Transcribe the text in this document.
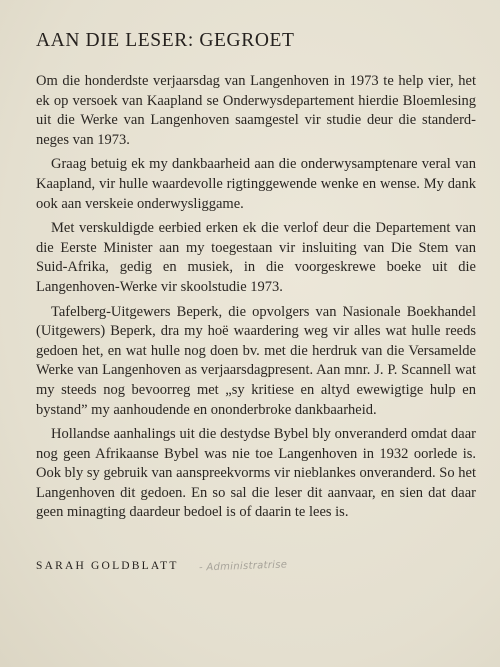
AAN DIE LESER: GEGROET

Om die honderdste verjaarsdag van Langenhoven in 1973 te help vier, het ek op versoek van Kaapland se Onderwysdepartement hierdie Bloemlesing uit die Werke van Langenhoven saamgestel vir studie deur die standerd-neges van 1973.

Graag betuig ek my dankbaarheid aan die onderwysamptenare veral van Kaapland, vir hulle waardevolle rigtinggewende wenke en wense. My dank ook aan verskeie onderwysliggame.

Met verskuldigde eerbied erken ek die verlof deur die Departement van die Eerste Minister aan my toegestaan vir insluiting van Die Stem van Suid-Afrika, gedig en musiek, in die voorgeskrewe boeke uit die Langenhoven-Werke vir skoolstudie 1973.

Tafelberg-Uitgewers Beperk, die opvolgers van Nasionale Boekhandel (Uitgewers) Beperk, dra my hoë waardering weg vir alles wat hulle reeds gedoen het, en wat hulle nog doen bv. met die herdruk van die Versamelde Werke van Langenhoven as verjaarsdagpresent. Aan mnr. J. P. Scannell wat my steeds nog bevoorreg met „sy kritiese en altyd ewewigtige hulp en bystand” my aanhoudende en ononderbroke dankbaarheid.

Hollandse aanhalings uit die destydse Bybel bly onveranderd omdat daar nog geen Afrikaanse Bybel was nie toe Langenhoven in 1932 oorlede is. Ook bly sy gebruik van aanspreekvorms vir nieblankes onveranderd. So het Langenhoven dit gedoen. En so sal die leser dit aanvaar, en sien dat daar geen minagting daardeur bedoel is of daarin te lees is.

SARAH GOLDBLATT - Administratrise
